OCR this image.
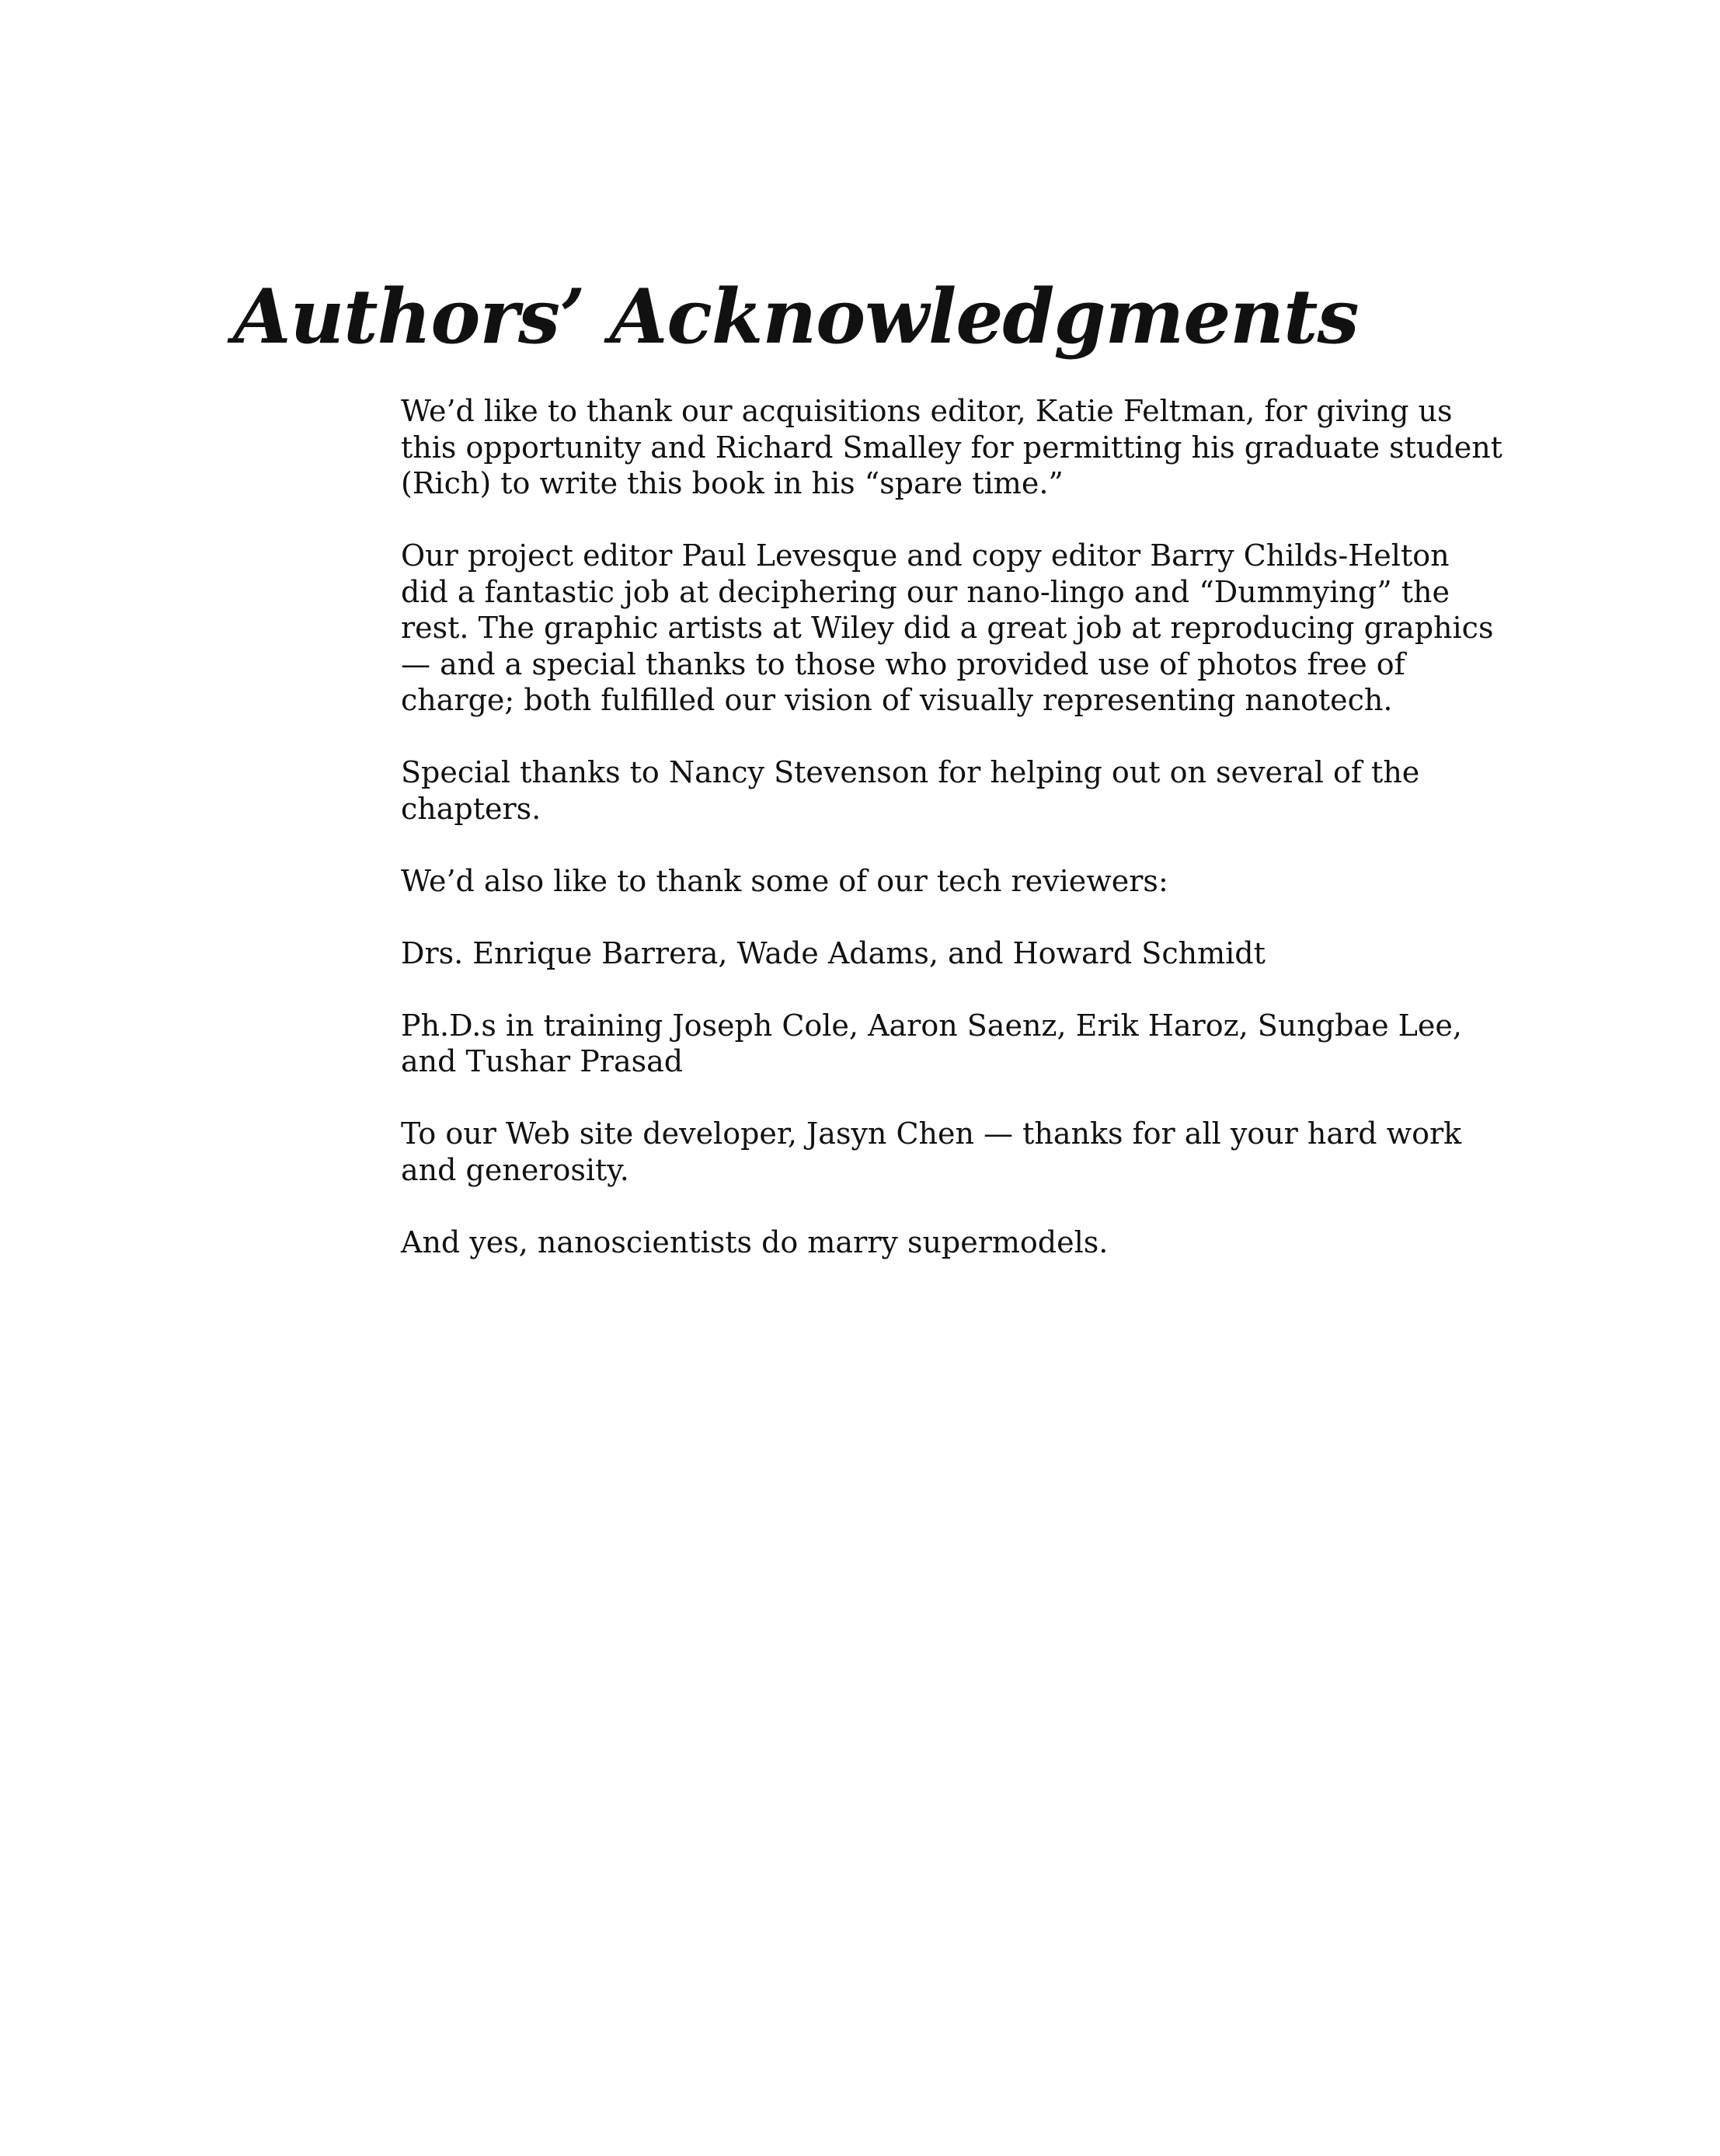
Authors’ Acknowledgments

We’d like to thank our acquisitions editor, Katie Feltman, for giving us this opportunity and Richard Smalley for permitting his graduate student (Rich) to write this book in his “spare time.”

Our project editor Paul Levesque and copy editor Barry Childs-Helton did a fantastic job at deciphering our nano-lingo and “Dummying” the rest. The graphic artists at Wiley did a great job at reproducing graphics — and a special thanks to those who provided use of photos free of charge; both fulfilled our vision of visually representing nanotech.

Special thanks to Nancy Stevenson for helping out on several of the chapters.

We’d also like to thank some of our tech reviewers:

Drs. Enrique Barrera, Wade Adams, and Howard Schmidt

Ph.D.s in training Joseph Cole, Aaron Saenz, Erik Haroz, Sungbae Lee, and Tushar Prasad

To our Web site developer, Jasyn Chen — thanks for all your hard work and generosity.

And yes, nanoscientists do marry supermodels.
